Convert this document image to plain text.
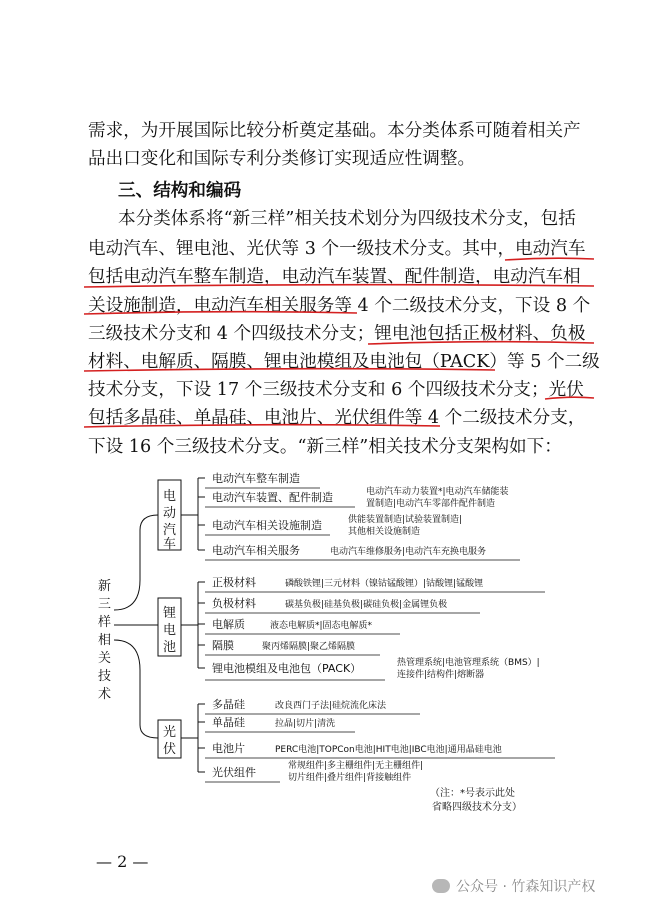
需求，为开展国际比较分析奠定基础。本分类体系可随着相关产
品出口变化和国际专利分类修订实现适应性调整。
三、结构和编码
本分类体系将“新三样”相关技术划分为四级技术分支，包括
电动汽车、锂电池、光伏等 3 个一级技术分支。其中，电动汽车
包括电动汽车整车制造，电动汽车装置、配件制造，电动汽车相
关设施制造，电动汽车相关服务等 4 个二级技术分支，下设 8 个
三级技术分支和 4 个四级技术分支；锂电池包括正极材料、负极
材料、电解质、隔膜、锂电池模组及电池包（PACK）等 5 个二级
技术分支，下设 17 个三级技术分支和 6 个四级技术分支；光伏
包括多晶硅、单晶硅、电池片、光伏组件等 4 个二级技术分支，
下设 16 个三级技术分支。“新三样”相关技术分支架构如下：
新
三
样
相
关
技
术
电
动
汽
车
锂
电
池
光
伏
电动汽车整车制造
电动汽车装置、配件制造
电动汽车相关设施制造
电动汽车相关服务
正极材料
负极材料
电解质
隔膜
锂电池模组及电池包（PACK）
多晶硅
单晶硅
电池片
光伏组件
电动汽车动力装置*|电动汽车储能装
置制造|电动汽车零部件配件制造
供能装置制造|试验装置制造|
其他相关设施制造
电动汽车维修服务|电动汽车充换电服务
磷酸铁锂|三元材料（镍钴锰酸锂）|钴酸锂|锰酸锂
碳基负极|硅基负极|碳硅负极|金属锂负极
液态电解质*|固态电解质*
聚丙烯隔膜|聚乙烯隔膜
热管理系统|电池管理系统（BMS）|
连接件|结构件|熔断器
改良西门子法|硅烷流化床法
拉晶|切片|清洗
PERC电池|TOPCon电池|HIT电池|IBC电池|通用晶硅电池
常规组件|多主栅组件|无主栅组件|
切片组件|叠片组件|背接触组件
（注：*号表示此处
省略四级技术分支）
— 2 —
公众号 · 竹森知识产权
